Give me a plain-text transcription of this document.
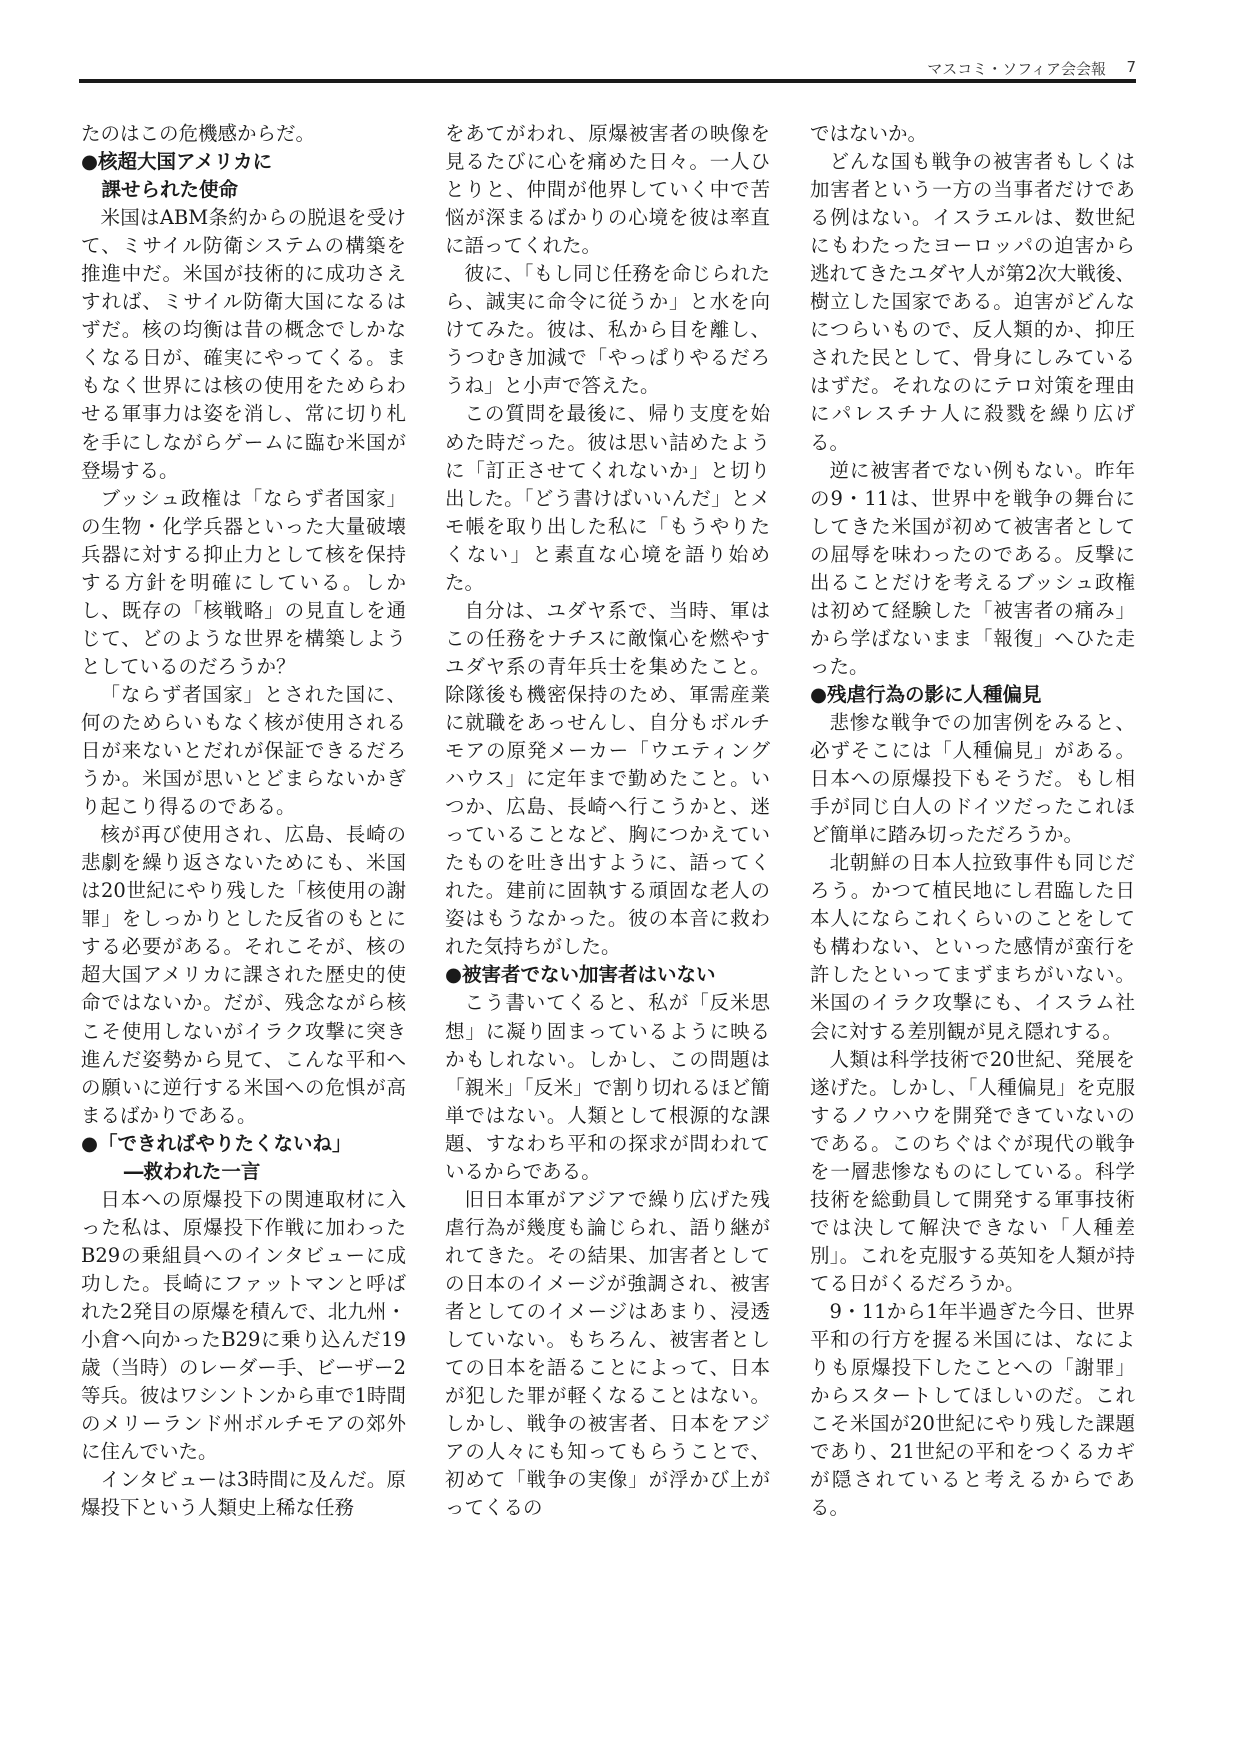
マスコミ・ソフィア会会報 7

たのはこの危機感からだ。

●核超大国アメリカに
課せられた使命

米国はABM条約からの脱退を受けて、ミサイル防衛システムの構築を推進中だ。米国が技術的に成功さえすれば、ミサイル防衛大国になるはずだ。核の均衡は昔の概念でしかなくなる日が、確実にやってくる。まもなく世界には核の使用をためらわせる軍事力は姿を消し、常に切り札を手にしながらゲームに臨む米国が登場する。

ブッシュ政権は「ならず者国家」の生物・化学兵器といった大量破壊兵器に対する抑止力として核を保持する方針を明確にしている。しかし、既存の「核戦略」の見直しを通じて、どのような世界を構築しようとしているのだろうか？

「ならず者国家」とされた国に、何のためらいもなく核が使用される日が来ないとだれが保証できるだろうか。米国が思いとどまらないかぎり起こり得るのである。

核が再び使用され、広島、長崎の悲劇を繰り返さないためにも、米国は20世紀にやり残した「核使用の謝罪」をしっかりとした反省のもとにする必要がある。それこそが、核の超大国アメリカに課された歴史的使命ではないか。だが、残念ながら核こそ使用しないがイラク攻撃に突き進んだ姿勢から見て、こんな平和への願いに逆行する米国への危惧が高まるばかりである。

●「できればやりたくないね」
―救われた一言

日本への原爆投下の関連取材に入った私は、原爆投下作戦に加わったB29の乗組員へのインタビューに成功した。長崎にファットマンと呼ばれた2発目の原爆を積んで、北九州・小倉へ向かったB29に乗り込んだ19歳（当時）のレーダー手、ビーザー2等兵。彼はワシントンから車で1時間のメリーランド州ボルチモアの郊外に住んでいた。

インタビューは3時間に及んだ。原爆投下という人類史上稀な任務

をあてがわれ、原爆被害者の映像を見るたびに心を痛めた日々。一人ひとりと、仲間が他界していく中で苦悩が深まるばかりの心境を彼は率直に語ってくれた。

彼に、「もし同じ任務を命じられたら、誠実に命令に従うか」と水を向けてみた。彼は、私から目を離し、うつむき加減で「やっぱりやるだろうね」と小声で答えた。

この質問を最後に、帰り支度を始めた時だった。彼は思い詰めたように「訂正させてくれないか」と切り出した。「どう書けばいいんだ」とメモ帳を取り出した私に「もうやりたくない」と素直な心境を語り始めた。

自分は、ユダヤ系で、当時、軍はこの任務をナチスに敵愾心を燃やすユダヤ系の青年兵士を集めたこと。除隊後も機密保持のため、軍需産業に就職をあっせんし、自分もボルチモアの原発メーカー「ウエティング　ハウス」に定年まで勤めたこと。いつか、広島、長崎へ行こうかと、迷っていることなど、胸につかえていたものを吐き出すように、語ってくれた。建前に固執する頑固な老人の姿はもうなかった。彼の本音に救われた気持ちがした。

●被害者でない加害者はいない

こう書いてくると、私が「反米思想」に凝り固まっているように映るかもしれない。しかし、この問題は「親米」「反米」で割り切れるほど簡単ではない。人類として根源的な課題、すなわち平和の探求が問われているからである。

旧日本軍がアジアで繰り広げた残虐行為が幾度も論じられ、語り継がれてきた。その結果、加害者としての日本のイメージが強調され、被害者としてのイメージはあまり、浸透していない。もちろん、被害者としての日本を語ることによって、日本が犯した罪が軽くなることはない。しかし、戦争の被害者、日本をアジアの人々にも知ってもらうことで、初めて「戦争の実像」が浮かび上がってくるの

ではないか。

どんな国も戦争の被害者もしくは加害者という一方の当事者だけである例はない。イスラエルは、数世紀にもわたったヨーロッパの迫害から逃れてきたユダヤ人が第2次大戦後、樹立した国家である。迫害がどんなにつらいもので、反人類的か、抑圧された民として、骨身にしみているはずだ。それなのにテロ対策を理由にパレスチナ人に殺戮を繰り広げる。

逆に被害者でない例もない。昨年の9・11は、世界中を戦争の舞台にしてきた米国が初めて被害者としての屈辱を味わったのである。反撃に出ることだけを考えるブッシュ政権は初めて経験した「被害者の痛み」から学ばないまま「報復」へひた走った。

●残虐行為の影に人種偏見

悲惨な戦争での加害例をみると、必ずそこには「人種偏見」がある。日本への原爆投下もそうだ。もし相手が同じ白人のドイツだったこれほど簡単に踏み切っただろうか。

北朝鮮の日本人拉致事件も同じだろう。かつて植民地にし君臨した日本人にならこれくらいのことをしても構わない、といった感情が蛮行を許したといってまずまちがいない。米国のイラク攻撃にも、イスラム社会に対する差別観が見え隠れする。

人類は科学技術で20世紀、発展を遂げた。しかし、「人種偏見」を克服するノウハウを開発できていないのである。このちぐはぐが現代の戦争を一層悲惨なものにしている。科学技術を総動員して開発する軍事技術では決して解決できない「人種差別」。これを克服する英知を人類が持てる日がくるだろうか。

9・11から1年半過ぎた今日、世界平和の行方を握る米国には、なによりも原爆投下したことへの「謝罪」からスタートしてほしいのだ。これこそ米国が20世紀にやり残した課題であり、21世紀の平和をつくるカギが隠されていると考えるからである。
